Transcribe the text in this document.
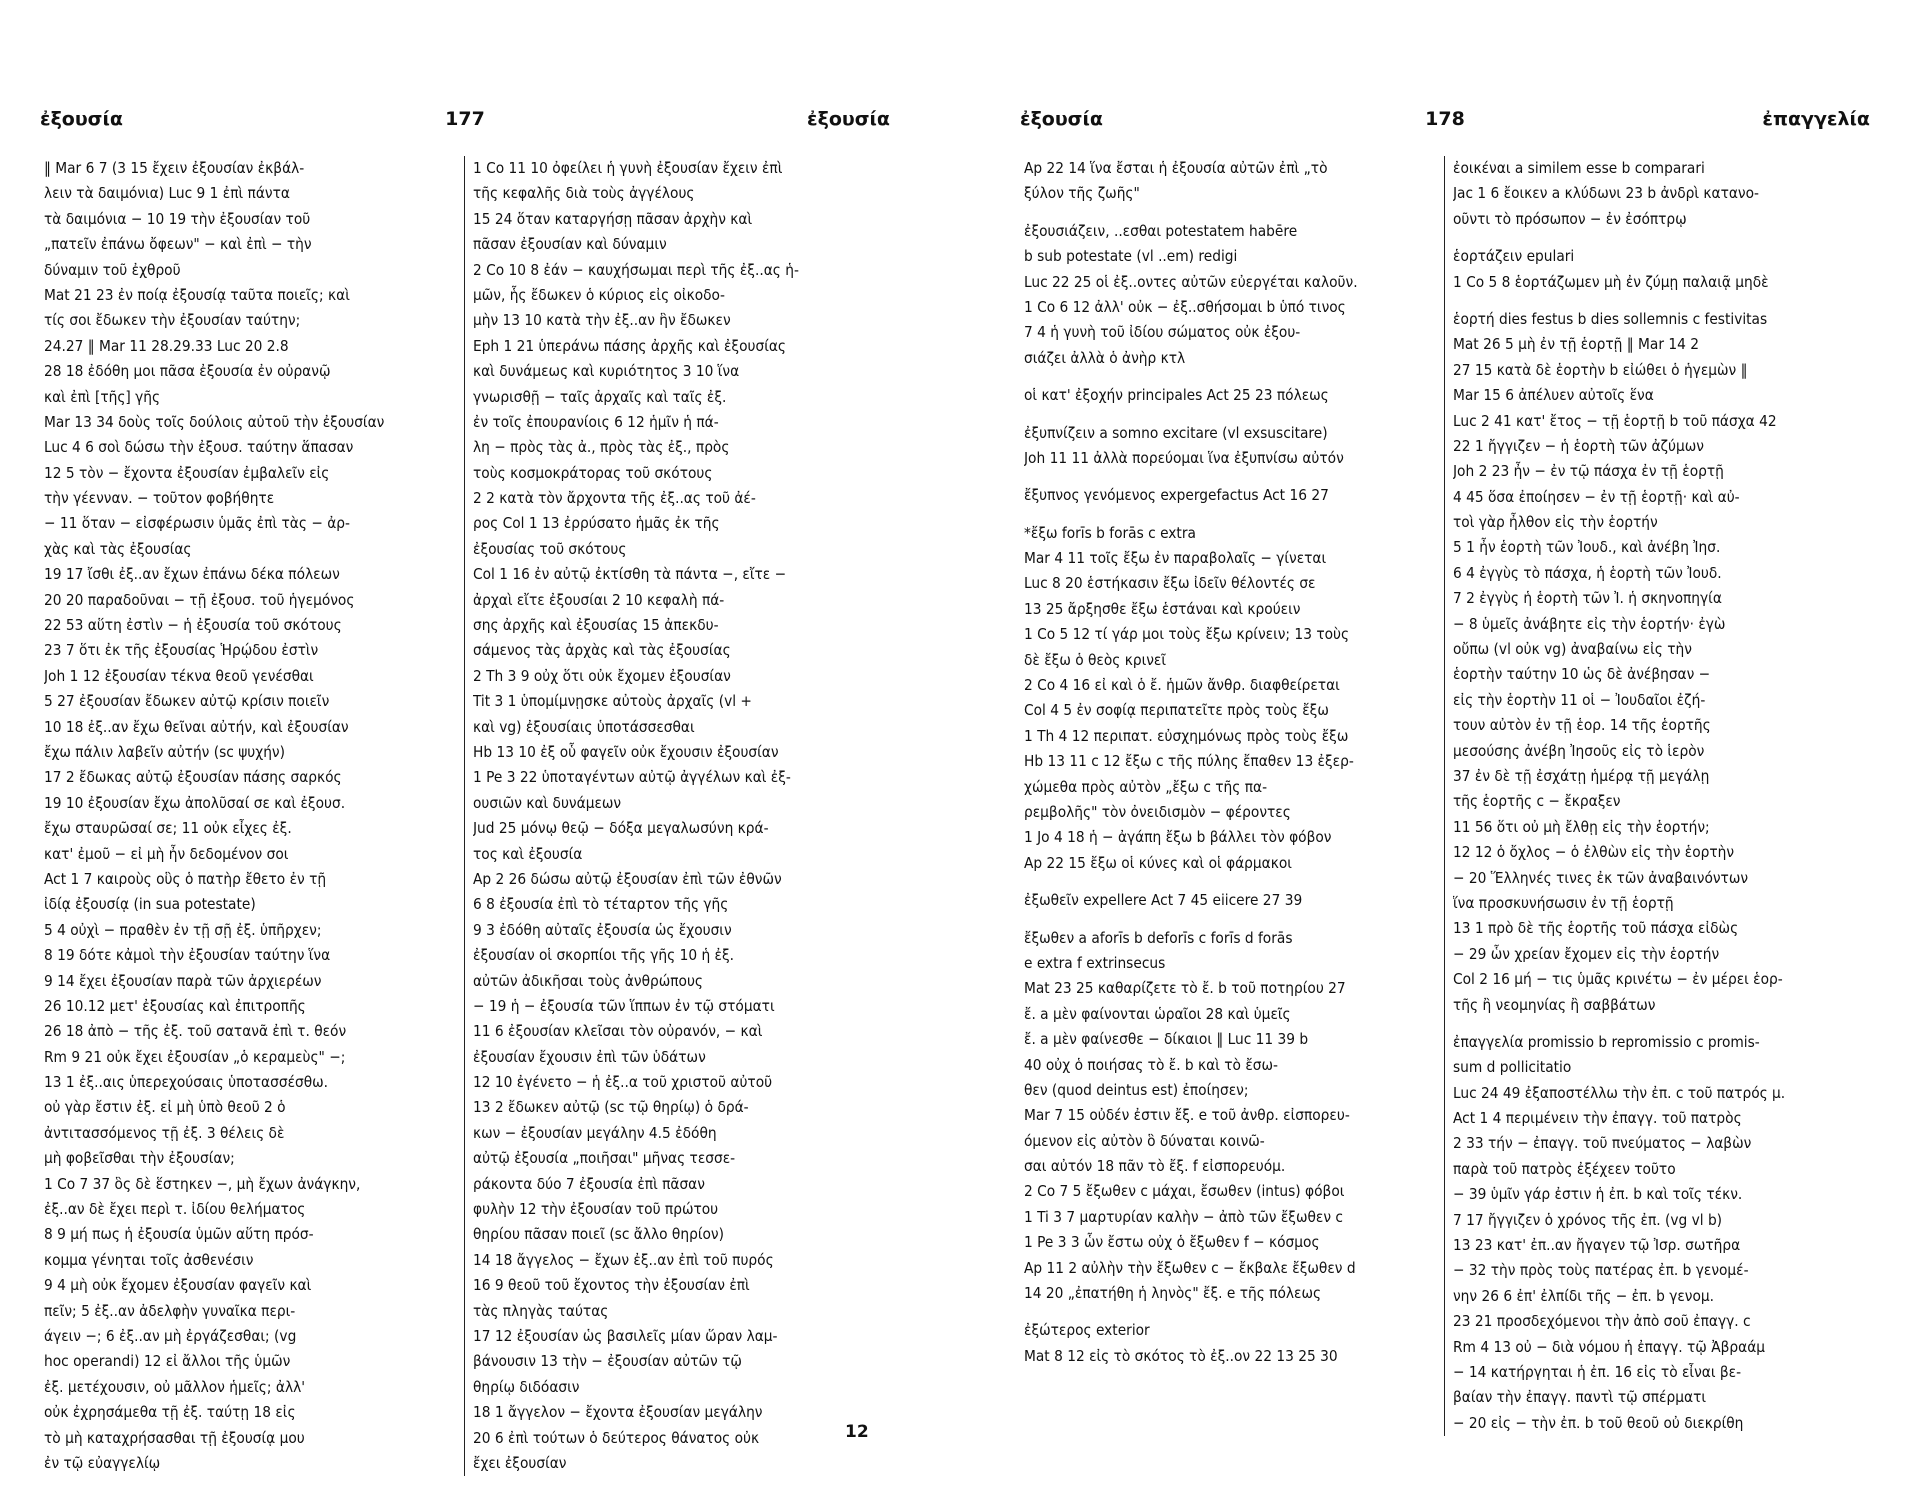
ἐξουσία	177	ἐξουσία
‖ Mar 6 7 (3 15 ἔχειν ἐξουσίαν ἐκβάλ-
λειν τὰ δαιμόνια) Luc 9 1 ἐπὶ πάντα
τὰ δαιμόνια − 10 19 τὴν ἐξουσίαν τοῦ
„πατεῖν ἐπάνω ὄφεων" − καὶ ἐπὶ − τὴν
δύναμιν τοῦ ἐχθροῦ
Mat 21 23 ἐν ποίᾳ ἐξουσίᾳ ταῦτα ποιεῖς; καὶ
τίς σοι ἔδωκεν τὴν ἐξουσίαν ταύτην;
24.27 ‖ Mar 11 28.29.33 Luc 20 2.8
28 18 ἐδόθη μοι πᾶσα ἐξουσία ἐν οὐρανῷ
καὶ ἐπὶ [τῆς] γῆς
Mar 13 34 δοὺς τοῖς δούλοις αὐτοῦ τὴν ἐξουσίαν
Luc 4 6 σοὶ δώσω τὴν ἐξουσ. ταύτην ἅπασαν
12 5 τὸν − ἔχοντα ἐξουσίαν ἐμβαλεῖν εἰς
τὴν γέενναν. − τοῦτον φοβήθητε
− 11 ὅταν − εἰσφέρωσιν ὑμᾶς ἐπὶ τὰς − ἀρ-
χὰς καὶ τὰς ἐξουσίας
19 17 ἴσθι ἐξ..αν ἔχων ἐπάνω δέκα πόλεων
20 20 παραδοῦναι − τῇ ἐξουσ. τοῦ ἡγεμόνος
22 53 αὕτη ἐστὶν − ἡ ἐξουσία τοῦ σκότους
23 7 ὅτι ἐκ τῆς ἐξουσίας Ἡρῴδου ἐστὶν
Joh 1 12 ἐξουσίαν τέκνα θεοῦ γενέσθαι
5 27 ἐξουσίαν ἔδωκεν αὐτῷ κρίσιν ποιεῖν
10 18 ἐξ..αν ἔχω θεῖναι αὐτήν, καὶ ἐξουσίαν
ἔχω πάλιν λαβεῖν αὐτήν (sc ψυχήν)
17 2 ἔδωκας αὐτῷ ἐξουσίαν πάσης σαρκός
19 10 ἐξουσίαν ἔχω ἀπολῦσαί σε καὶ ἐξουσ.
ἔχω σταυρῶσαί σε; 11 οὐκ εἶχες ἐξ.
κατ' ἐμοῦ − εἰ μὴ ἦν δεδομένον σοι
Act 1 7 καιροὺς οὓς ὁ πατὴρ ἔθετο ἐν τῇ
ἰδίᾳ ἐξουσίᾳ (in sua potestate)
5 4 οὐχὶ − πραθὲν ἐν τῇ σῇ ἐξ. ὑπῆρχεν;
8 19 δότε κἀμοὶ τὴν ἐξουσίαν ταύτην ἵνα
9 14 ἔχει ἐξουσίαν παρὰ τῶν ἀρχιερέων
26 10.12 μετ' ἐξουσίας καὶ ἐπιτροπῆς
26 18 ἀπὸ − τῆς ἐξ. τοῦ σατανᾶ ἐπὶ τ. θεόν
Rm 9 21 οὐκ ἔχει ἐξουσίαν „ὁ κεραμεὺς" −;
13 1 ἐξ..αις ὑπερεχούσαις ὑποτασσέσθω.
οὐ γὰρ ἔστιν ἐξ. εἰ μὴ ὑπὸ θεοῦ 2 ὁ
ἀντιτασσόμενος τῇ ἐξ. 3 θέλεις δὲ
μὴ φοβεῖσθαι τὴν ἐξουσίαν;
1 Co 7 37 ὃς δὲ ἕστηκεν −, μὴ ἔχων ἀνάγκην,
ἐξ..αν δὲ ἔχει περὶ τ. ἰδίου θελήματος
8 9 μή πως ἡ ἐξουσία ὑμῶν αὕτη πρόσ-
κομμα γένηται τοῖς ἀσθενέσιν
9 4 μὴ οὐκ ἔχομεν ἐξουσίαν φαγεῖν καὶ
πεῖν; 5 ἐξ..αν ἀδελφὴν γυναῖκα περι-
άγειν −; 6 ἐξ..αν μὴ ἐργάζεσθαι; (vg
hoc operandi) 12 εἰ ἄλλοι τῆς ὑμῶν
ἐξ. μετέχουσιν, οὐ μᾶλλον ἡμεῖς; ἀλλ'
οὐκ ἐχρησάμεθα τῇ ἐξ. ταύτῃ 18 εἰς
τὸ μὴ καταχρήσασθαι τῇ ἐξουσίᾳ μου
ἐν τῷ εὐαγγελίῳ
1 Co 11 10 ὀφείλει ἡ γυνὴ ἐξουσίαν ἔχειν ἐπὶ
τῆς κεφαλῆς διὰ τοὺς ἀγγέλους
15 24 ὅταν καταργήσῃ πᾶσαν ἀρχὴν καὶ
πᾶσαν ἐξουσίαν καὶ δύναμιν
2 Co 10 8 ἐάν − καυχήσωμαι περὶ τῆς ἐξ..ας ἡ-
μῶν, ἧς ἔδωκεν ὁ κύριος εἰς οἰκοδο-
μὴν 13 10 κατὰ τὴν ἐξ..αν ἣν ἔδωκεν
Eph 1 21 ὑπεράνω πάσης ἀρχῆς καὶ ἐξουσίας
καὶ δυνάμεως καὶ κυριότητος 3 10 ἵνα
γνωρισθῇ − ταῖς ἀρχαῖς καὶ ταῖς ἐξ.
ἐν τοῖς ἐπουρανίοις 6 12 ἡμῖν ἡ πά-
λη − πρὸς τὰς ἀ., πρὸς τὰς ἐξ., πρὸς
τοὺς κοσμοκράτορας τοῦ σκότους
2 2 κατὰ τὸν ἄρχοντα τῆς ἐξ..ας τοῦ ἀέ-
ρος Col 1 13 ἐρρύσατο ἡμᾶς ἐκ τῆς
ἐξουσίας τοῦ σκότους
Col 1 16 ἐν αὐτῷ ἐκτίσθη τὰ πάντα −, εἴτε −
ἀρχαὶ εἴτε ἐξουσίαι 2 10 κεφαλὴ πά-
σης ἀρχῆς καὶ ἐξουσίας 15 ἀπεκδυ-
σάμενος τὰς ἀρχὰς καὶ τὰς ἐξουσίας
2 Th 3 9 οὐχ ὅτι οὐκ ἔχομεν ἐξουσίαν
Tit 3 1 ὑπομίμνῃσκε αὐτοὺς ἀρχαῖς (vl +
καὶ vg) ἐξουσίαις ὑποτάσσεσθαι
Hb 13 10 ἐξ οὗ φαγεῖν οὐκ ἔχουσιν ἐξουσίαν
1 Pe 3 22 ὑποταγέντων αὐτῷ ἀγγέλων καὶ ἐξ-
ουσιῶν καὶ δυνάμεων
Jud 25 μόνῳ θεῷ − δόξα μεγαλωσύνη κρά-
τος καὶ ἐξουσία
Ap 2 26 δώσω αὐτῷ ἐξουσίαν ἐπὶ τῶν ἐθνῶν
6 8 ἐξουσία ἐπὶ τὸ τέταρτον τῆς γῆς
9 3 ἐδόθη αὐταῖς ἐξουσία ὡς ἔχουσιν
ἐξουσίαν οἱ σκορπίοι τῆς γῆς 10 ἡ ἐξ.
αὐτῶν ἀδικῆσαι τοὺς ἀνθρώπους
− 19 ἡ − ἐξουσία τῶν ἵππων ἐν τῷ στόματι
11 6 ἐξουσίαν κλεῖσαι τὸν οὐρανόν, − καὶ
ἐξουσίαν ἔχουσιν ἐπὶ τῶν ὑδάτων
12 10 ἐγένετο − ἡ ἐξ..α τοῦ χριστοῦ αὐτοῦ
13 2 ἔδωκεν αὐτῷ (sc τῷ θηρίῳ) ὁ δρά-
κων − ἐξουσίαν μεγάλην 4.5 ἐδόθη
αὐτῷ ἐξουσία „ποιῆσαι" μῆνας τεσσε-
ράκοντα δύο 7 ἐξουσία ἐπὶ πᾶσαν
φυλὴν 12 τὴν ἐξουσίαν τοῦ πρώτου
θηρίου πᾶσαν ποιεῖ (sc ἄλλο θηρίον)
14 18 ἄγγελος − ἔχων ἐξ..αν ἐπὶ τοῦ πυρός
16 9 θεοῦ τοῦ ἔχοντος τὴν ἐξουσίαν ἐπὶ
τὰς πληγὰς ταύτας
17 12 ἐξουσίαν ὡς βασιλεῖς μίαν ὥραν λαμ-
βάνουσιν 13 τὴν − ἐξουσίαν αὐτῶν τῷ
θηρίῳ διδόασιν
18 1 ἄγγελον − ἔχοντα ἐξουσίαν μεγάλην
20 6 ἐπὶ τούτων ὁ δεύτερος θάνατος οὐκ
ἔχει ἐξουσίαν
ἐξουσία	178	ἐπαγγελία
Ap 22 14 ἵνα ἔσται ἡ ἐξουσία αὐτῶν ἐπὶ „τὸ
ξύλον τῆς ζωῆς"
ἐξουσιάζειν, ..εσθαι potestatem habēre
b sub potestate (vl ..em) redigi
Luc 22 25 οἱ ἐξ..οντες αὐτῶν εὐεργέται καλοῦν.
1 Co 6 12 ἀλλ' οὐκ − ἐξ..σθήσομαι b ὑπό τινος
7 4 ἡ γυνὴ τοῦ ἰδίου σώματος οὐκ ἐξου-
σιάζει ἀλλὰ ὁ ἀνὴρ κτλ
οἱ κατ' ἐξοχήν principales Act 25 23 πόλεως
ἐξυπνίζειν a somno excitare (vl exsuscitare)
Joh 11 11 ἀλλὰ πορεύομαι ἵνα ἐξυπνίσω αὐτόν
ἔξυπνος γενόμενος expergefactus Act 16 27
*ἔξω forīs b forās c extra
Mar 4 11 τοῖς ἔξω ἐν παραβολαῖς − γίνεται
Luc 8 20 ἑστήκασιν ἔξω ἰδεῖν θέλοντές σε
13 25 ἄρξησθε ἔξω ἑστάναι καὶ κρούειν
1 Co 5 12 τί γάρ μοι τοὺς ἔξω κρίνειν; 13 τοὺς
δὲ ἔξω ὁ θεὸς κρινεῖ
2 Co 4 16 εἰ καὶ ὁ ἔ. ἡμῶν ἄνθρ. διαφθείρεται
Col 4 5 ἐν σοφίᾳ περιπατεῖτε πρὸς τοὺς ἔξω
1 Th 4 12 περιπατ. εὐσχημόνως πρὸς τοὺς ἔξω
Hb 13 11 c 12 ἔξω c τῆς πύλης ἔπαθεν 13 ἐξερ-
χώμεθα πρὸς αὐτὸν „ἔξω c τῆς πα-
ρεμβολῆς" τὸν ὀνειδισμὸν − φέροντες
1 Jo 4 18 ἡ − ἀγάπη ἔξω b βάλλει τὸν φόβον
Ap 22 15 ἔξω οἱ κύνες καὶ οἱ φάρμακοι
ἐξωθεῖν expellere Act 7 45 eiicere 27 39
ἔξωθεν a aforīs b deforīs c forīs d forās
e extra f extrinsecus
Mat 23 25 καθαρίζετε τὸ ἔ. b τοῦ ποτηρίου 27
ἔ. a μὲν φαίνονται ὡραῖοι 28 καὶ ὑμεῖς
ἔ. a μὲν φαίνεσθε − δίκαιοι ‖ Luc 11 39 b
40 οὐχ ὁ ποιήσας τὸ ἔ. b καὶ τὸ ἔσω-
θεν (quod deintus est) ἐποίησεν;
Mar 7 15 οὐδέν ἐστιν ἔξ. e τοῦ ἀνθρ. εἰσπορευ-
όμενον εἰς αὐτὸν ὃ δύναται κοινῶ-
σαι αὐτόν 18 πᾶν τὸ ἔξ. f εἰσπορευόμ.
2 Co 7 5 ἔξωθεν c μάχαι, ἔσωθεν (intus) φόβοι
1 Ti 3 7 μαρτυρίαν καλὴν − ἀπὸ τῶν ἔξωθεν c
1 Pe 3 3 ὧν ἔστω οὐχ ὁ ἔξωθεν f − κόσμος
Ap 11 2 αὐλὴν τὴν ἔξωθεν c − ἔκβαλε ἔξωθεν d
14 20 „ἐπατήθη ἡ ληνὸς" ἔξ. e τῆς πόλεως
ἐξώτερος exterior
Mat 8 12 εἰς τὸ σκότος τὸ ἐξ..ον 22 13 25 30
ἐοικέναι a similem esse b comparari
Jac 1 6 ἔοικεν a κλύδωνι 23 b ἀνδρὶ κατανο-
οῦντι τὸ πρόσωπον − ἐν ἐσόπτρῳ
ἑορτάζειν epulari
1 Co 5 8 ἑορτάζωμεν μὴ ἐν ζύμῃ παλαιᾷ μηδὲ
ἑορτή dies festus b dies sollemnis c festivitas
Mat 26 5 μὴ ἐν τῇ ἑορτῇ ‖ Mar 14 2
27 15 κατὰ δὲ ἑορτὴν b εἰώθει ὁ ἡγεμὼν ‖
Mar 15 6 ἀπέλυεν αὐτοῖς ἕνα
Luc 2 41 κατ' ἔτος − τῇ ἑορτῇ b τοῦ πάσχα 42
22 1 ἤγγιζεν − ἡ ἑορτὴ τῶν ἀζύμων
Joh 2 23 ἦν − ἐν τῷ πάσχα ἐν τῇ ἑορτῇ
4 45 ὅσα ἐποίησεν − ἐν τῇ ἑορτῇ· καὶ αὐ-
τοὶ γὰρ ἦλθον εἰς τὴν ἑορτήν
5 1 ἦν ἑορτὴ τῶν Ἰουδ., καὶ ἀνέβη Ἰησ.
6 4 ἐγγὺς τὸ πάσχα, ἡ ἑορτὴ τῶν Ἰουδ.
7 2 ἐγγὺς ἡ ἑορτὴ τῶν Ἰ. ἡ σκηνοπηγία
− 8 ὑμεῖς ἀνάβητε εἰς τὴν ἑορτήν· ἐγὼ
οὔπω (vl οὐκ vg) ἀναβαίνω εἰς τὴν
ἑορτὴν ταύτην 10 ὡς δὲ ἀνέβησαν −
εἰς τὴν ἑορτὴν 11 οἱ − Ἰουδαῖοι ἐζή-
τουν αὐτὸν ἐν τῇ ἑορ. 14 τῆς ἑορτῆς
μεσούσης ἀνέβη Ἰησοῦς εἰς τὸ ἱερὸν
37 ἐν δὲ τῇ ἐσχάτῃ ἡμέρᾳ τῇ μεγάλῃ
τῆς ἑορτῆς c − ἔκραξεν
11 56 ὅτι οὐ μὴ ἔλθῃ εἰς τὴν ἑορτήν;
12 12 ὁ ὄχλος − ὁ ἐλθὼν εἰς τὴν ἑορτὴν
− 20 Ἕλληνές τινες ἐκ τῶν ἀναβαινόντων
ἵνα προσκυνήσωσιν ἐν τῇ ἑορτῇ
13 1 πρὸ δὲ τῆς ἑορτῆς τοῦ πάσχα εἰδὼς
− 29 ὧν χρείαν ἔχομεν εἰς τὴν ἑορτήν
Col 2 16 μή − τις ὑμᾶς κρινέτω − ἐν μέρει ἑορ-
τῆς ἢ νεομηνίας ἢ σαββάτων
ἐπαγγελία promissio b repromissio c promis-
sum d pollicitatio
Luc 24 49 ἐξαποστέλλω τὴν ἐπ. c τοῦ πατρός μ.
Act 1 4 περιμένειν τὴν ἐπαγγ. τοῦ πατρὸς
2 33 τήν − ἐπαγγ. τοῦ πνεύματος − λαβὼν
παρὰ τοῦ πατρὸς ἐξέχεεν τοῦτο
− 39 ὑμῖν γάρ ἐστιν ἡ ἐπ. b καὶ τοῖς τέκν.
7 17 ἤγγιζεν ὁ χρόνος τῆς ἐπ. (vg vl b)
13 23 κατ' ἐπ..αν ἤγαγεν τῷ Ἰσρ. σωτῆρα
− 32 τὴν πρὸς τοὺς πατέρας ἐπ. b γενομέ-
νην 26 6 ἐπ' ἐλπίδι τῆς − ἐπ. b γενομ.
23 21 προσδεχόμενοι τὴν ἀπὸ σοῦ ἐπαγγ. c
Rm 4 13 οὐ − διὰ νόμου ἡ ἐπαγγ. τῷ Ἀβραάμ
− 14 κατήργηται ἡ ἐπ. 16 εἰς τὸ εἶναι βε-
βαίαν τὴν ἐπαγγ. παντὶ τῷ σπέρματι
− 20 εἰς − τὴν ἐπ. b τοῦ θεοῦ οὐ διεκρίθη
12
